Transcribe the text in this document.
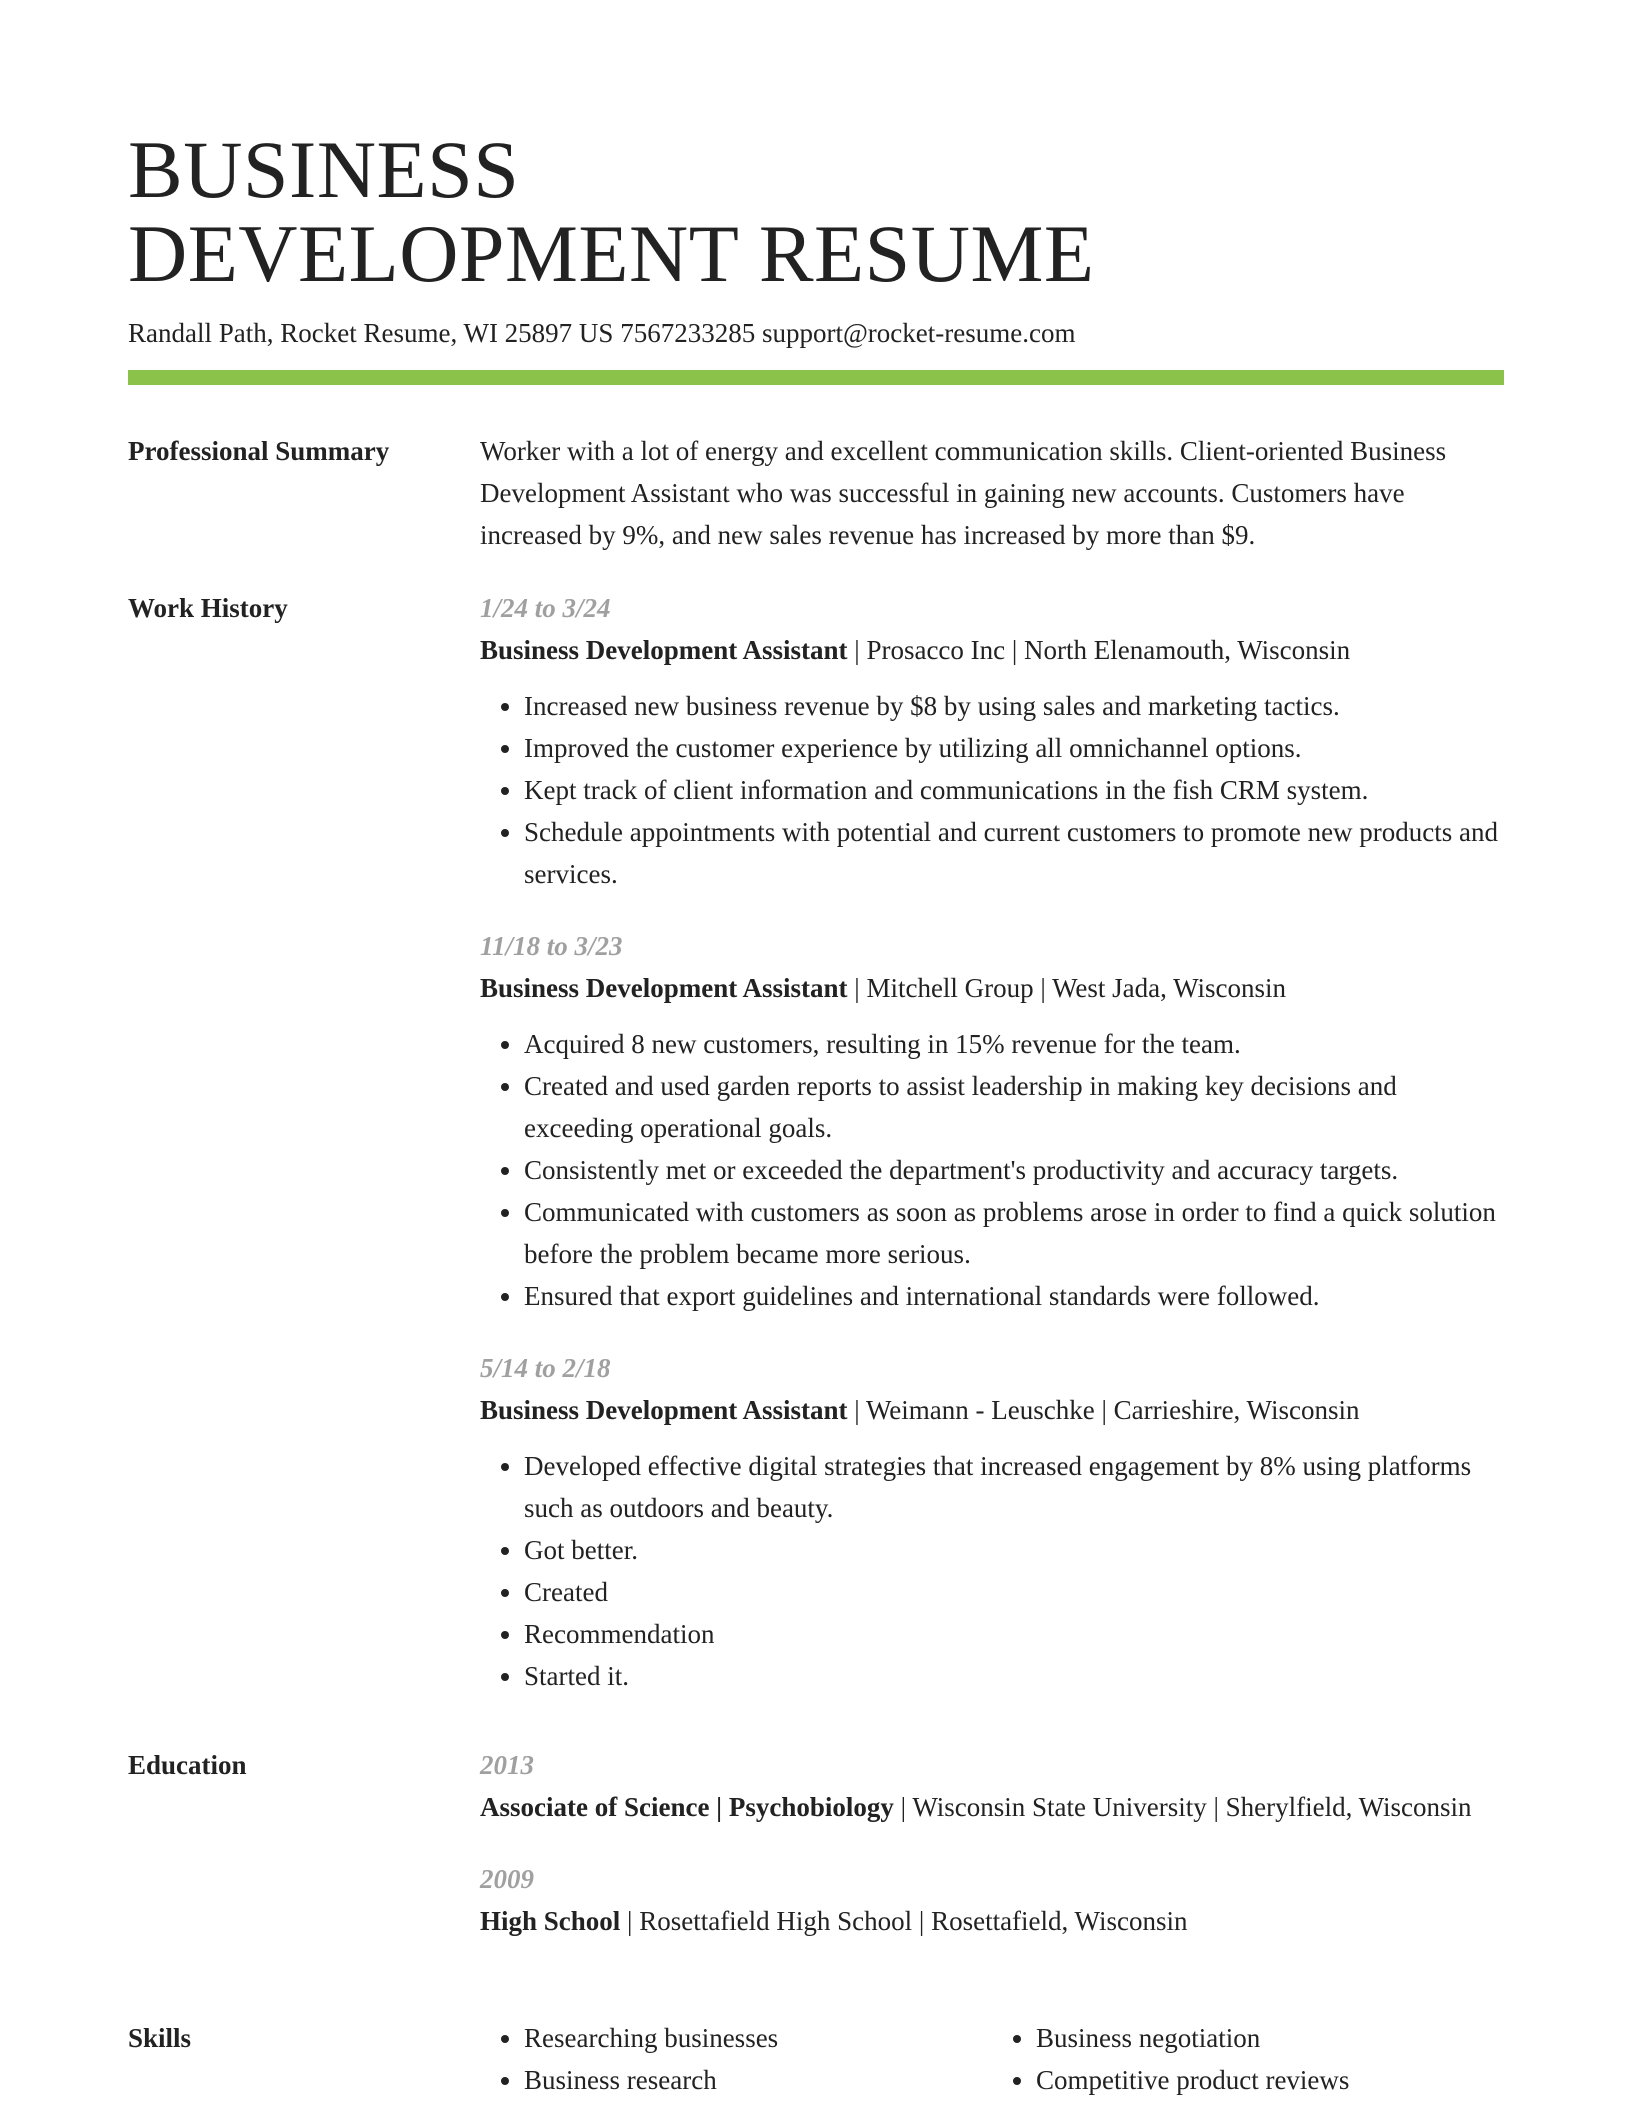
BUSINESS
DEVELOPMENT RESUME
Randall Path, Rocket Resume, WI 25897 US 7567233285 support@rocket-resume.com
Professional Summary	Worker with a lot of energy and excellent communication skills. Client-oriented Business Development Assistant who was successful in gaining new accounts. Customers have increased by 9%, and new sales revenue has increased by more than $9.

Work History	1/24 to 3/24
Business Development Assistant | Prosacco Inc | North Elenamouth, Wisconsin
• Increased new business revenue by $8 by using sales and marketing tactics.
• Improved the customer experience by utilizing all omnichannel options.
• Kept track of client information and communications in the fish CRM system.
• Schedule appointments with potential and current customers to promote new products and services.
11/18 to 3/23
Business Development Assistant | Mitchell Group | West Jada, Wisconsin
• Acquired 8 new customers, resulting in 15% revenue for the team.
• Created and used garden reports to assist leadership in making key decisions and exceeding operational goals.
• Consistently met or exceeded the department's productivity and accuracy targets.
• Communicated with customers as soon as problems arose in order to find a quick solution before the problem became more serious.
• Ensured that export guidelines and international standards were followed.
5/14 to 2/18
Business Development Assistant | Weimann - Leuschke | Carrieshire, Wisconsin
• Developed effective digital strategies that increased engagement by 8% using platforms such as outdoors and beauty.
• Got better.
• Created
• Recommendation
• Started it.
Education	2013
Associate of Science | Psychobiology | Wisconsin State University | Sherylfield, Wisconsin
2009
High School | Rosettafield High School | Rosettafield, Wisconsin
Skills
•	Researching businesses
• Business research
• Business negotiation
• Competitive product reviews
